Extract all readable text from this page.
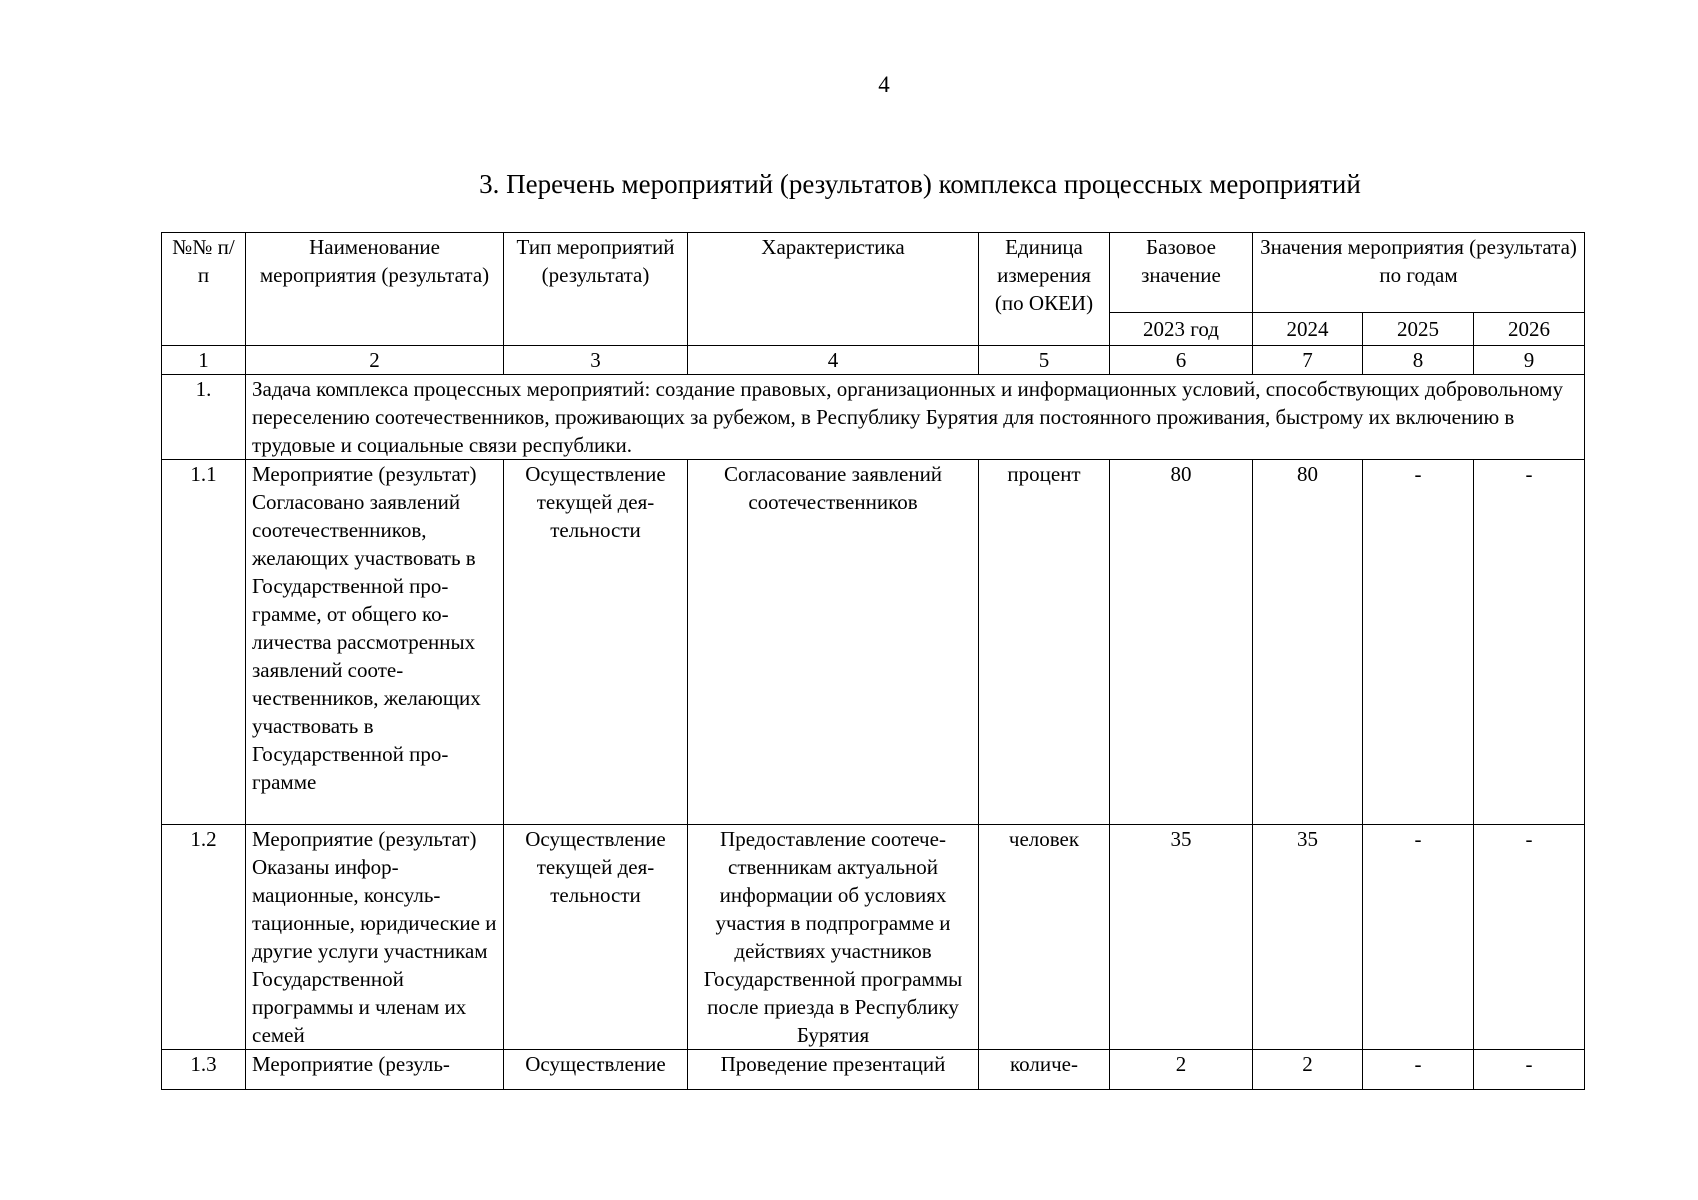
4
3. Перечень мероприятий (результатов) комплекса процессных мероприятий
№№ п/п	Наименование мероприятия (результата)	Тип мероприятий (результата)	Характеристика	Единица измерения (по ОКЕИ)	Базовое значение	Значения мероприятия (результата) по годам		
					2023 год	2024	2025	2026
1	2	3	4	5	6	7	8	9
1.	Задача комплекса процессных мероприятий: создание правовых, организационных и информационных условий, способствующих добровольному переселению соотечественников, проживающих за рубежом, в Республику Бурятия для постоянного проживания, быстрому их включению в трудовые и социальные связи республики.							
1.1	Мероприятие (результат) Согласовано заявлений соотечественников, желающих участвовать в Государственной программе, от общего количества рассмотренных заявлений соотечественников, желающих участвовать в Государственной программе	Осуществление текущей деятельности	Согласование заявлений соотечественников	процент	80	80	-	-
1.2	Мероприятие (результат) Оказаны информационные, консультационные, юридические и другие услуги участникам Государственной программы и членам их семей	Осуществление текущей деятельности	Предоставление соотечественникам актуальной информации об условиях участия в подпрограмме и действиях участников Государственной программы после приезда в Республику Бурятия	человек	35	35	-	-
1.3	Мероприятие (резуль-	Осуществление	Проведение презентаций	количе-	2	2	-	-
